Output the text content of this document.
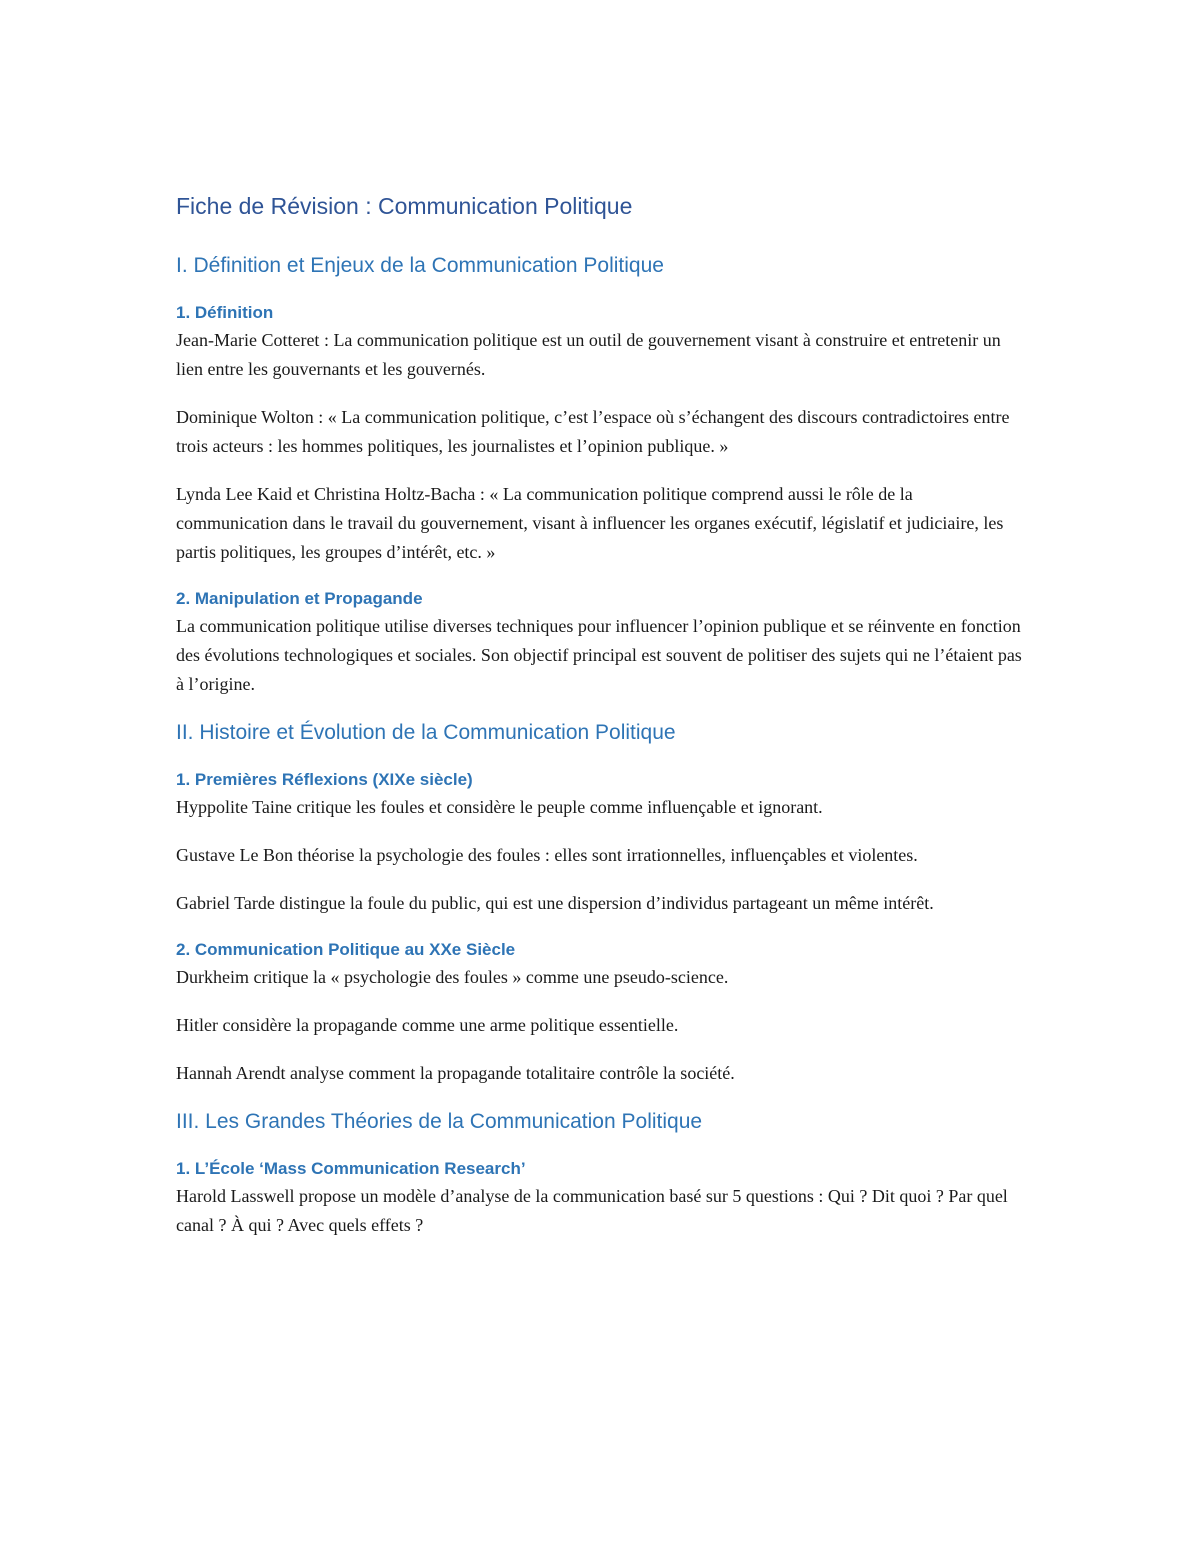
Fiche de Révision : Communication Politique
I. Définition et Enjeux de la Communication Politique
1. Définition
Jean-Marie Cotteret : La communication politique est un outil de gouvernement visant à construire et entretenir un lien entre les gouvernants et les gouvernés.
Dominique Wolton : « La communication politique, c’est l’espace où s’échangent des discours contradictoires entre trois acteurs : les hommes politiques, les journalistes et l’opinion publique. »
Lynda Lee Kaid et Christina Holtz-Bacha : « La communication politique comprend aussi le rôle de la communication dans le travail du gouvernement, visant à influencer les organes exécutif, législatif et judiciaire, les partis politiques, les groupes d’intérêt, etc. »
2. Manipulation et Propagande
La communication politique utilise diverses techniques pour influencer l’opinion publique et se réinvente en fonction des évolutions technologiques et sociales. Son objectif principal est souvent de politiser des sujets qui ne l’étaient pas à l’origine.
II. Histoire et Évolution de la Communication Politique
1. Premières Réflexions (XIXe siècle)
Hyppolite Taine critique les foules et considère le peuple comme influençable et ignorant.
Gustave Le Bon théorise la psychologie des foules : elles sont irrationnelles, influençables et violentes.
Gabriel Tarde distingue la foule du public, qui est une dispersion d’individus partageant un même intérêt.
2. Communication Politique au XXe Siècle
Durkheim critique la « psychologie des foules » comme une pseudo-science.
Hitler considère la propagande comme une arme politique essentielle.
Hannah Arendt analyse comment la propagande totalitaire contrôle la société.
III. Les Grandes Théories de la Communication Politique
1. L’École ‘Mass Communication Research’
Harold Lasswell propose un modèle d’analyse de la communication basé sur 5 questions : Qui ? Dit quoi ? Par quel canal ? À qui ? Avec quels effets ?
